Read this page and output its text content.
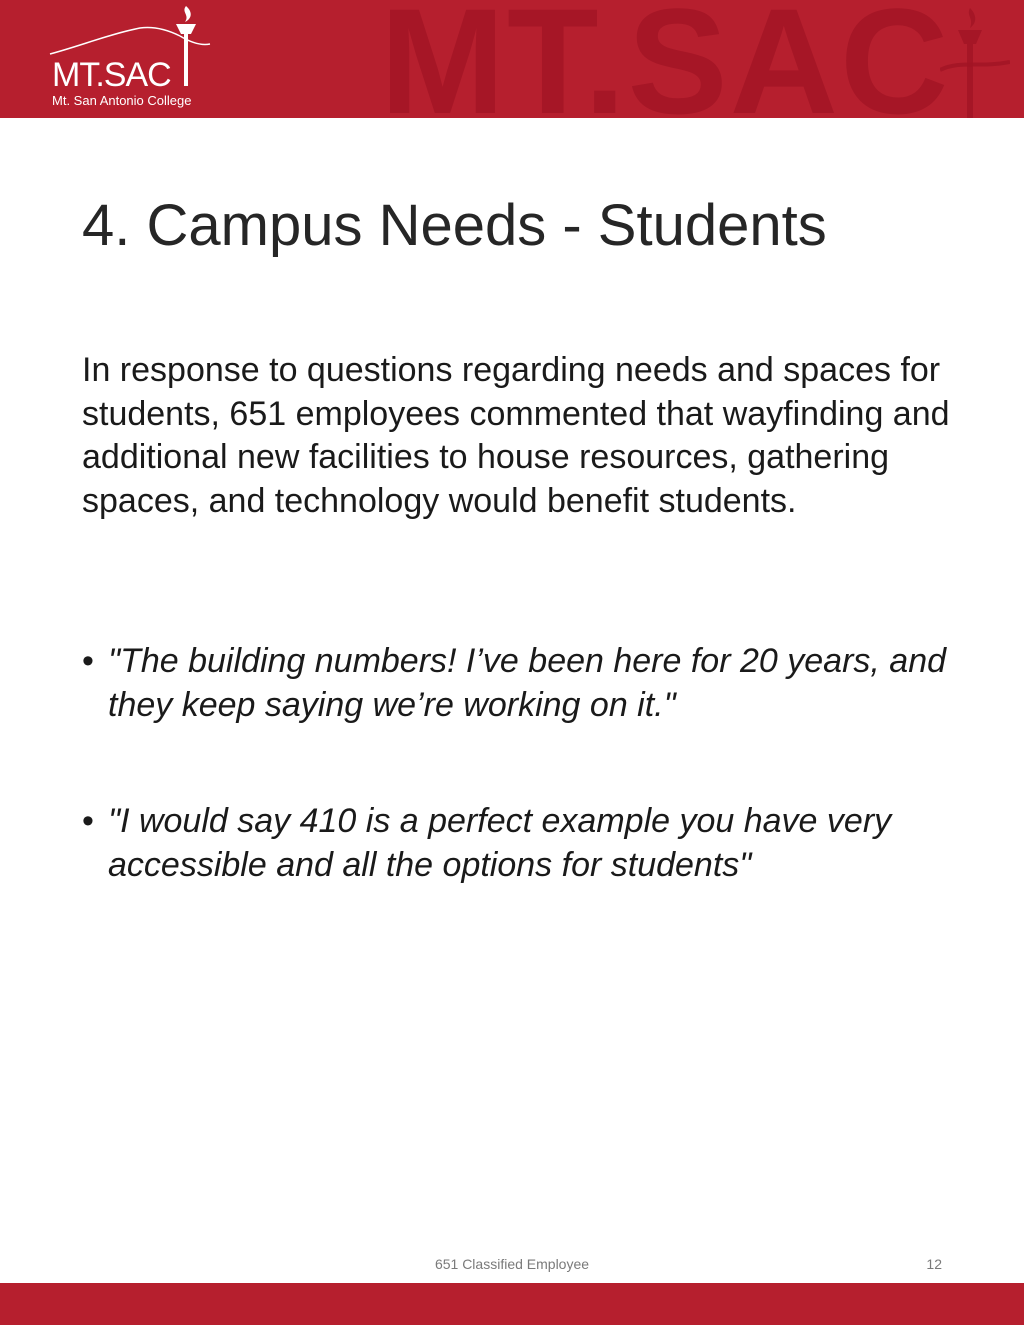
MT.SAC
MT.SAC
Mt. San Antonio College
4. Campus Needs - Students

In response to questions regarding needs and spaces for students, 651 employees commented that wayfinding and additional new facilities to house resources, gathering spaces, and technology would benefit students.

• "The building numbers! I’ve been here for 20 years, and they keep saying we’re working on it."
• "I would say 410 is a perfect example you have very accessible and all the options for students"
651 Classified Employee	12
